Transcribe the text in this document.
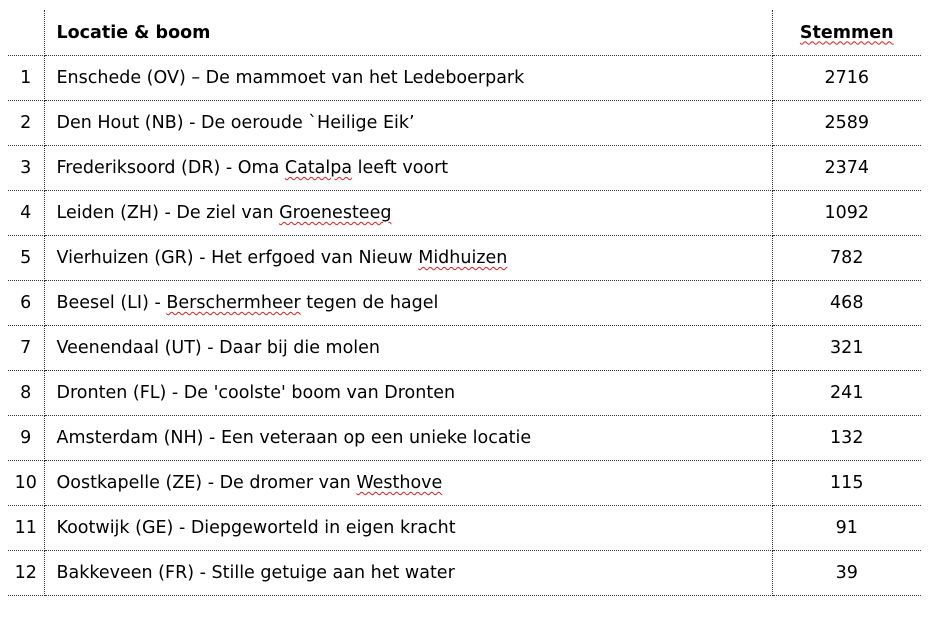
	Locatie & boom	Stemmen
1	Enschede (OV) – De mammoet van het Ledeboerpark	2716
2	Den Hout (NB) - De oeroude `Heilige Eik’	2589
3	Frederiksoord (DR) - Oma Catalpa leeft voort	2374
4	Leiden (ZH) - De ziel van Groenesteeg	1092
5	Vierhuizen (GR) - Het erfgoed van Nieuw Midhuizen	782
6	Beesel (LI) - Berschermheer tegen de hagel	468
7	Veenendaal (UT) - Daar bij die molen	321
8	Dronten (FL) - De 'coolste' boom van Dronten	241
9	Amsterdam (NH) - Een veteraan op een unieke locatie	132
10	Oostkapelle (ZE) - De dromer van Westhove	115
11	Kootwijk (GE) - Diepgeworteld in eigen kracht	91
12	Bakkeveen (FR) - Stille getuige aan het water	39
